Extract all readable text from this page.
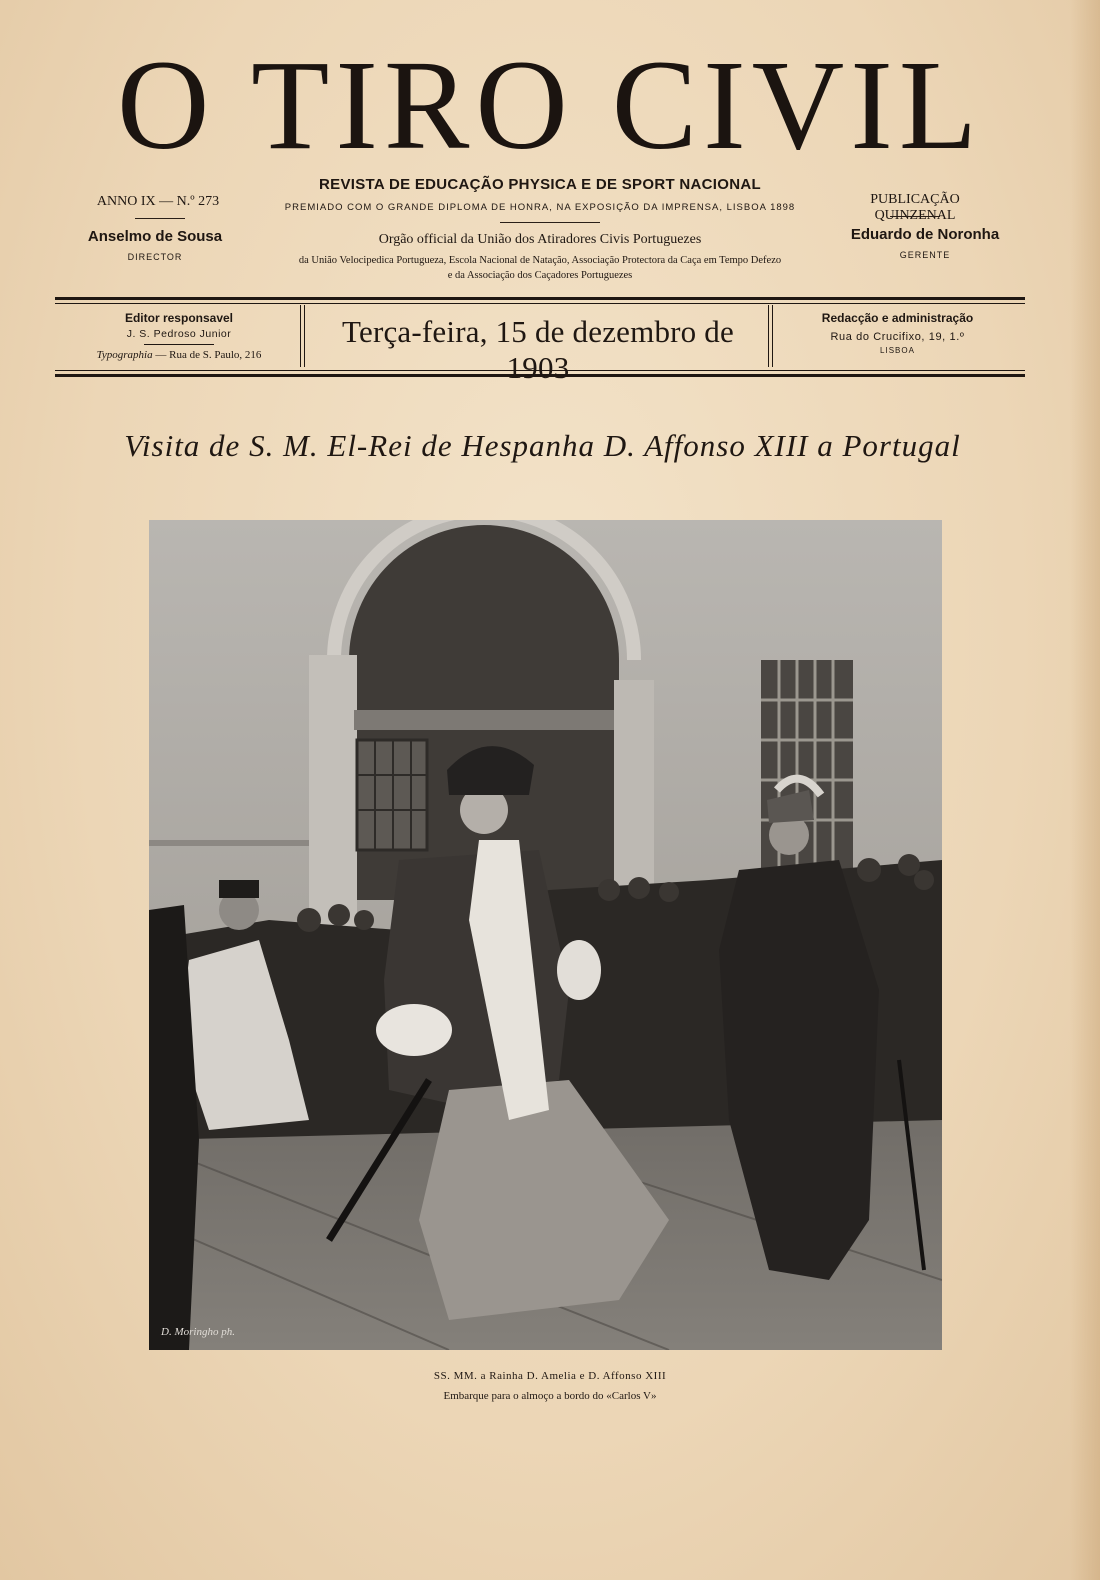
O TIRO CIVIL
ANNO IX — N.º 273
REVISTA DE EDUCAÇÃO PHYSICA E DE SPORT NACIONAL
PREMIADO COM O GRANDE DIPLOMA DE HONRA, NA EXPOSIÇÃO DA IMPRENSA, LISBOA 1898
PUBLICAÇÃO QUINZENAL
Anselmo de Sousa
DIRECTOR
Orgão official da União dos Atiradores Civis Portuguezes
da União Velocipedica Portugueza, Escola Nacional de Natação, Associação Protectora da Caça em Tempo Defezo
e da Associação dos Caçadores Portuguezes
Eduardo de Noronha
GERENTE
Editor responsavel
J. S. Pedroso Junior
Typographia — Rua de S. Paulo, 216
Terça-feira, 15 de dezembro de 1903
Redacção e administração
Rua do Crucifixo, 19, 1.º
LISBOA
Visita de S. M. El-Rei de Hespanha D. Affonso XIII a Portugal
D. Moringho ph.
SS. MM. a Rainha D. Amelia e D. Affonso XIII
Embarque para o almoço a bordo do «Carlos V»
